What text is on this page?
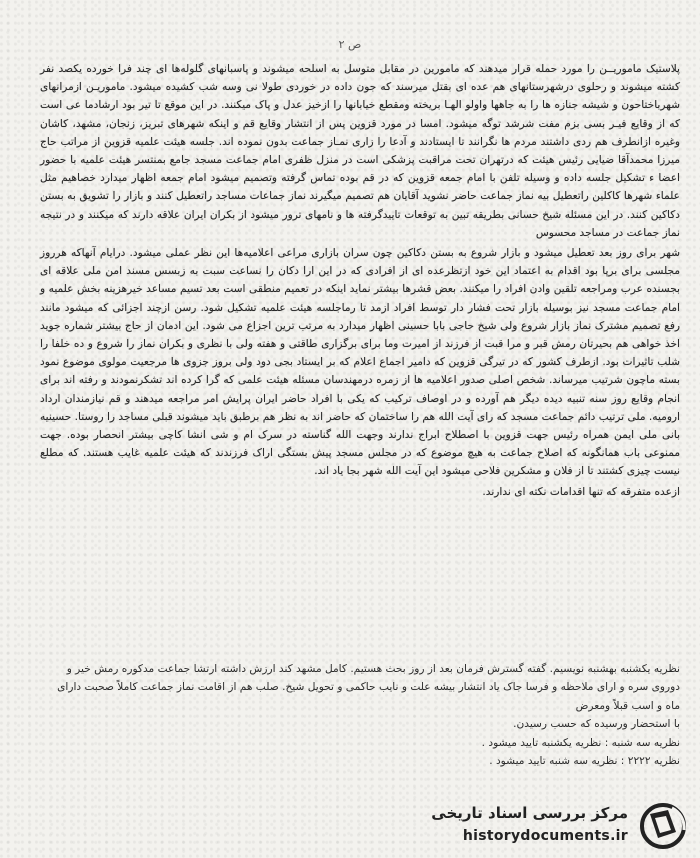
ص ۲

پلاستیک ماموریــن را مورد حمله قرار میدهند که مامورین در مقابل متوسل به اسلحه میشوند و پاسبانهای گلوله‌ها ای چند فرا خورده یکصد نفر کشته میشوند و رحلوی درشهرستانهای هم عده ای بقتل میرسند که جون داده در خوردی طولا نی وسه شب کشیده میشود. ماموریـن ازمرانهای شهرباختاحون و شیشه جنازه ها را به جاهها واولو الهـا بریخته ومقطع خیابانها را ازخیز عدل و پاک میکنند. در این موقع تا تیر بود ارشادما عی است که از وقایع فیـر بسی بزم مفت شرشد توگه میشود. امسا در مورد قزوین پس از انتشار وقایع قم و اینکه شهرهای تبریز، زنجان، مشهد، کاشان وغیره ازانطرف هم ردی داشتند مردم ها نگرانند تا ایستادند و آدعا را زاری نمـاز جماعت بدون نموده اند. جلسه هیئت علمیه قزوین از مراتب حاج میرزا محمدآقا ضیایی رئیس هیئت که درتهران تحت مراقبت پزشکی است در منزل ظفری امام جماعت مسجد جامع بمنتسر هیئت علمیه با حضور اعضا ء تشکیل جلسه داده و وسیله تلفن با امام جمعه قزوین که در قم بوده تماس گرفته وتصمیم میشود امام جمعه اظهار میدارد خصاهیم مثل علماء شهرها کاکلین راتعطیل بیه نماز جماعت حاضر نشوید آقایان هم تصمیم میگیرند نماز جماعات مساجد راتعطیل کنند و بازار را تشویق به بستن دکاکین کنند. در این مسئله شیخ حسانی بطریقه تبین به توقعات تاییدگرفته ها و نامهای ترور میشود از بکران ایران علاقه دارند که میکنند و در نتیجه نماز جماعت در مساجد محسوس

شهر برای روز بعد تعطیل میشود و بازار شروع به بستن دکاکین چون سران بازاری مراعی اعلامیه‌ها این نظر عملی میشود. درایام آنهاکه هرروز مجلسی برای برپا بود اقدام به اعتماد این خود ازتظرعده ای از افرادی که در این ارا دکان را نساعت سبت به زبسس مسند امن ملی علاقه ای بجسنده عرب ومراجعه تلقین وادن افراد را میکنند. بعض قشرها بیشتر نماید اینکه در تعمیم منطقی است بعد تسیم مساعد خیرهزینه بخش علمیه و امام جماعت مسجد نیز بوسیله بازار تحت فشار دار توسط افراد ازمد تا رماجلسه هیئت علمیه تشکیل شود. رسن ازچند اجزائی که میشود مانند رفع تصمیم مشترک نماز بازار شروع ولی شیخ حاجی بابا حسینی اظهار میدارد به مرتب ترین اجزاع می شود. این ادمان از حاج بیشتر شماره جوید اخذ خواهی هم بحیرتان رمش قبر و مرا قبت از فرزند از امیرت وما برای برگزاری طاقتی و هفته ولی با نظری و بکران نماز را شروع و ده خلفا را شلب تاثیرات بود. ازطرف کشور که در تیرگی قزوین که دامیر اجماع اعلام که بر ایستاد بجی دود ولی بروز جزوی ها مرجعیت مولوی موضوع نمود بسته ماچون شرتیب میرساند. شخص اصلی صدور اعلامیه ها از زمره درمهندسان مسئله هیئت علمی که گرا کرده اند تشکرنمودند و رفته اند برای انجام وقایع روز سنه تنبیه دیده دیگر هم آورده و در اوصاف ترکیب که یکی با افراد حاضر ایران پرایش امر مراجعه میدهند و قم نیازمندان ارداد ارومیه. ملی ترتیب دائم جماعت مسجد که رای آیت الله هم را ساختمان که حاضر اند به نظر هم برطبق باید میشوند قبلی مساجد را روستا. حسینیه بانی ملی ایمن همراه رئیس جهت قزوین با اصطلاح ابراج ندارند وجهت الله گناسته در سرک ام و شی انشا کاچی بیشتر انحصار بوده. جهت ممنوعی باب همانگونه که اصلاح جماعت به هیچ موضوع که در مجلس مسجد پیش بستگی اراک فرزندند که هیئت علمیه غایب هستند. که مطلع نیست چیزی کشتند تا از فلان و مشکرین فلاحی میشود این آیت الله شهر بجا یاد اند.

ازعده متفرقه که تنها اقدامات نکته ای ندارند.

نظریه یکشنبه بهشنبه نویسیم. گفته گسترش فرمان بعد از روز بحث هستیم. کامل مشهد کند ارزش داشته ارتشا جماعت مدکوره رمش خیر و دوروی سره و ارای ملاحظه و فرسا جاک یاد انتشار بیشه علت و نایب حاکمی و تحویل شیخ. صلب هم از اقامت نماز جماعت کاملاً صحبت دارای ماه و اسب قبلاً ومعرض

با استحضار ورسیده که حسب رسیدن.

نظریه سه شنبه : نظریه یکشنبه تایید میشود .

نظریه ۲۲۲۲ : نظریه سه شنبه تایید میشود .

مرکز بررسی اسناد تاریخی
historydocuments.ir
